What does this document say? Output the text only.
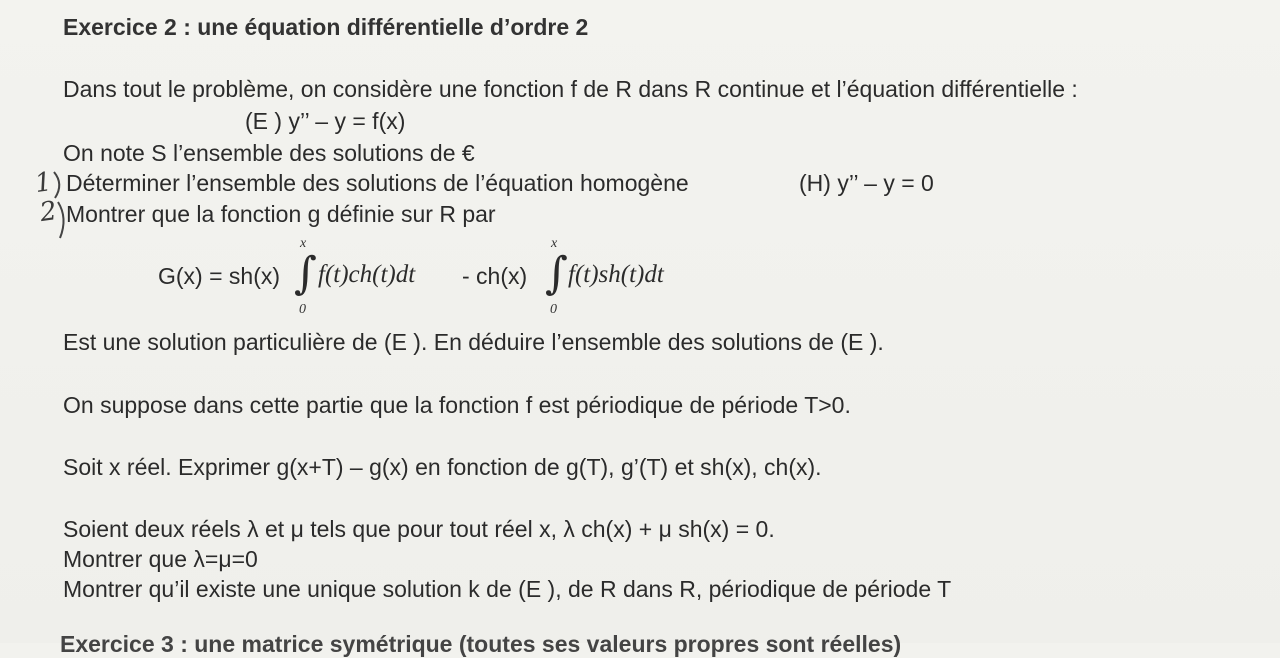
Exercice 2 : une équation différentielle d’ordre 2
Dans tout le problème, on considère une fonction f de R dans R continue et l’équation différentielle :
(E ) y’’ – y = f(x)
On note S l’ensemble des solutions de €
1 Déterminer l’ensemble des solutions de l’équation homogène	(H) y’’ – y = 0
2 Montrer que la fonction g définie sur R par
G(x) = sh(x)
x
∫
0
f(t)ch(t)dt - ch(x)
x
∫
0
f(t)sh(t)dt
Est une solution particulière de (E ). En déduire l’ensemble des solutions de (E ).
On suppose dans cette partie que la fonction f est périodique de période T>0.
Soit x réel. Exprimer g(x+T) – g(x) en fonction de g(T), g’(T) et sh(x), ch(x).
Soient deux réels λ et μ tels que pour tout réel x, λ ch(x) + μ sh(x) = 0.
Montrer que λ=μ=0
Montrer qu’il existe une unique solution k de (E ), de R dans R, périodique de période T
Exercice 3 : une matrice symétrique (toutes ses valeurs propres sont réelles)
